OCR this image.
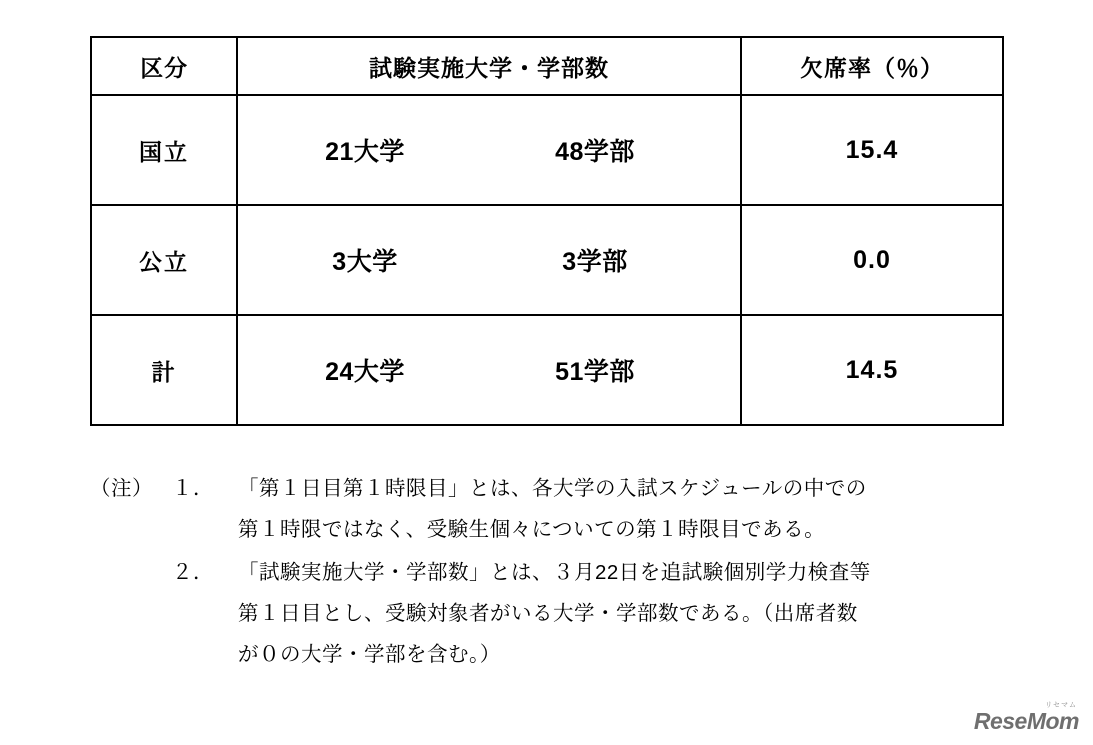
区分	試験実施大学・学部数	欠席率（％）
国立	21大学 48学部	15.4
公立	3大学 3学部	0.0
計	24大学 51学部	14.5
（注） １．	「第１日目第１時限目」とは、各大学の入試スケジュールの中での
第１時限ではなく、受験生個々についての第１時限目である。
２．	「試験実施大学・学部数」とは、３月22日を追試験個別学力検査等
第１日目とし、受験対象者がいる大学・学部数である。（出席者数
が０の大学・学部を含む。）
リセマム
ReseMom
